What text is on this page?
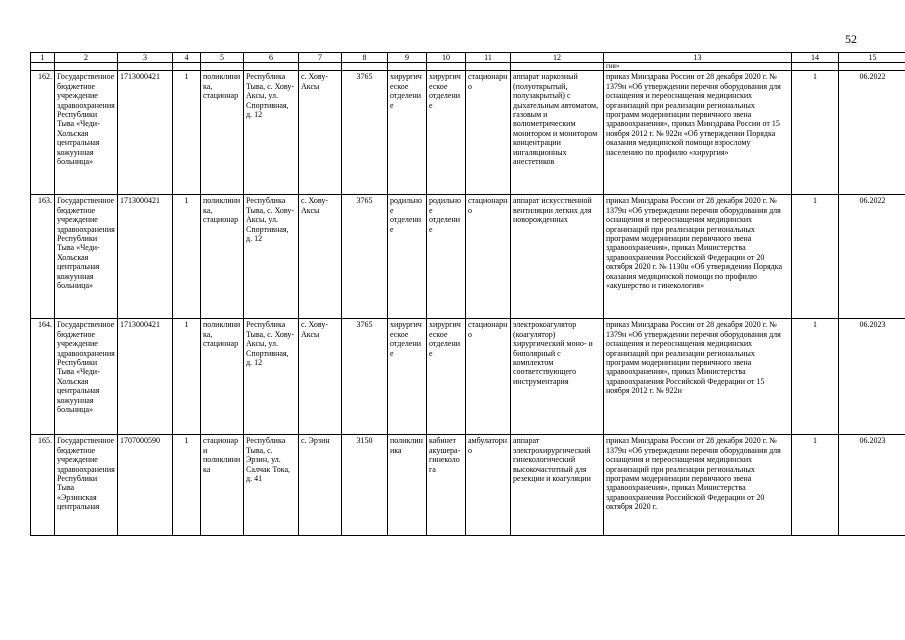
52
1	2	3	4	5	6	7	8	9	10	11	12	13	14	15
												гия»		
162.	Государственное бюджетное учреждение здравоохранения Республики Тыва «Чеди-Хольская центральная кожуунная больница»	1713000421	1	поликлиника, стационар	Республика Тыва, с. Хову-Аксы, ул. Спортивная, д. 12	с. Хову-Аксы	3765	хирургическое отделение	хирургическое отделение	стационарно	аппарат наркозный (полуоткрытый, полузакрытый) с дыхательным автоматом, газовым и волюметрическим монитором и монитором концентрации ингаляционных анестетиков	приказ Минздрава России от 28 декабря 2020 г. № 1379н «Об утверждении перечня оборудования для оснащения и переоснащения медицинских организаций при реализации региональных программ модернизации первичного звена здравоохранения», приказ Минздрава России от 15 ноября 2012 г. № 922н «Об утверждении Порядка оказания медицинской помощи взрослому населению по профилю «хирургия»	1	06.2022
163.	Государственное бюджетное учреждение здравоохранения Республики Тыва «Чеди-Хольская центральная кожуунная больница»	1713000421	1	поликлиника, стационар	Республика Тыва, с. Хову-Аксы, ул. Спортивная, д. 12	с. Хову-Аксы	3765	родильное отделение	родильное отделение	стационарно	аппарат искусственной вентиляции легких для новорожденных	приказ Минздрава России от 28 декабря 2020 г. № 1379н «Об утверждении перечня оборудования для оснащения и переоснащения медицинских организаций при реализации региональных программ модернизации первичного звена здравоохранения», приказ Министерства здравоохранения Российской Федерации от 20 октября 2020 г. № 1130н «Об утверждении Порядка оказания медицинской помощи по профилю «акушерство и гинекология»	1	06.2022
164.	Государственное бюджетное учреждение здравоохранения Республики Тыва «Чеди-Хольская центральная кожуунная больница»	1713000421	1	поликлиника, стационар	Республика Тыва, с. Хову-Аксы, ул. Спортивная, д. 12	с. Хову-Аксы	3765	хирургическое отделение	хирургическое отделение	стационарно	электрокоагулятор (коагулятор) хирургический моно- и биполярный с комплектом соответствующего инструментария	приказ Минздрава России от 28 декабря 2020 г. № 1379н «Об утверждении перечня оборудования для оснащения и переоснащения медицинских организаций при реализации региональных программ модернизации первичного звена здравоохранения», приказ Министерства здравоохранения Российской Федерации от 15 ноября 2012 г. № 922н	1	06.2023
165.	Государственное бюджетное учреждение здравоохранения Республики Тыва «Эрзинская центральная	1707000590	1	стационар и поликлиника	Республика Тыва, с. Эрзин, ул. Салчак Тока, д. 41	с. Эрзин	3150	поликлиника	кабинет акушера-гинеколога	амбулаторно	аппарат электрохирургический гинекологический высокочастотный для резекции и коагуляции	приказ Минздрава России от 28 декабря 2020 г. № 1379н «Об утверждении перечня оборудования для оснащения и переоснащения медицинских организаций при реализации региональных программ модернизации первичного звена здравоохранения», приказ Министерства здравоохранения Российской Федерации от 20 октября 2020 г.	1	06.2023
